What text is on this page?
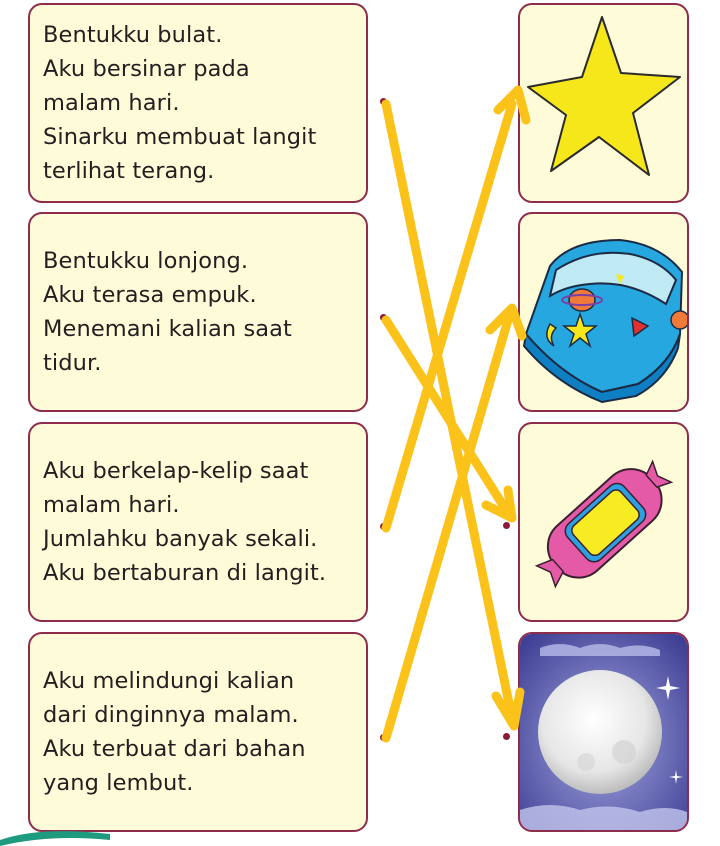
Bentukku bulat.
Aku bersinar pada
malam hari.
Sinarku membuat langit
terlihat terang.
Bentukku lonjong.
Aku terasa empuk.
Menemani kalian saat
tidur.
Aku berkelap-kelip saat
malam hari.
Jumlahku banyak sekali.
Aku bertaburan di langit.
Aku melindungi kalian
dari dinginnya malam.
Aku terbuat dari bahan
yang lembut.
